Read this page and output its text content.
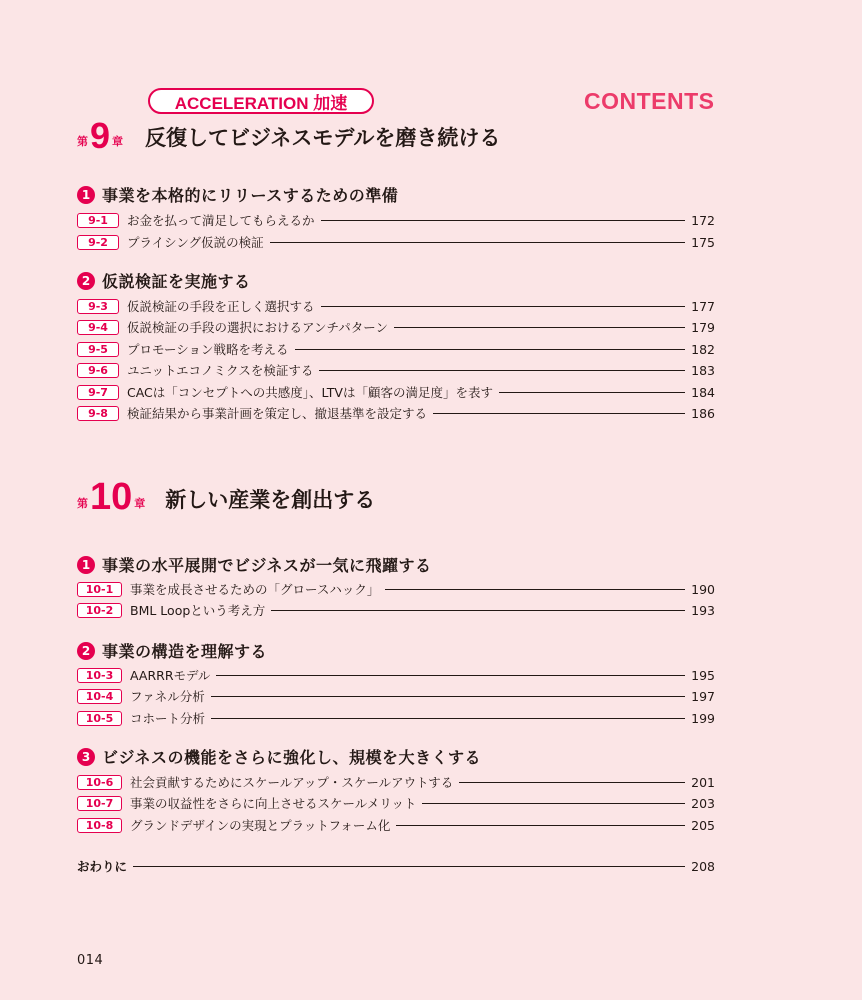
ACCELERATION 加速	CONTENTS
第 9 章 反復してビジネスモデルを磨き続ける
1 事業を本格的にリリースするための準備
9-1	お金を払って満足してもらえるか	172
9-2	プライシング仮説の検証	175
2 仮説検証を実施する
9-3	仮説検証の手段を正しく選択する	177
9-4	仮説検証の手段の選択におけるアンチパターン	179
9-5	プロモーション戦略を考える	182
9-6	ユニットエコノミクスを検証する	183
9-7	CACは「コンセプトへの共感度」、LTVは「顧客の満足度」を表す	184
9-8	検証結果から事業計画を策定し、撤退基準を設定する	186
第 10 章 新しい産業を創出する
1 事業の水平展開でビジネスが一気に飛躍する
10-1	事業を成長させるための「グロースハック」	190
10-2	BML Loopという考え方	193
2 事業の構造を理解する
10-3	AARRRモデル	195
10-4	ファネル分析	197
10-5	コホート分析	199
3 ビジネスの機能をさらに強化し、規模を大きくする
10-6	社会貢献するためにスケールアップ・スケールアウトする	201
10-7	事業の収益性をさらに向上させるスケールメリット	203
10-8	グランドデザインの実現とプラットフォーム化	205
おわりに	208
014
